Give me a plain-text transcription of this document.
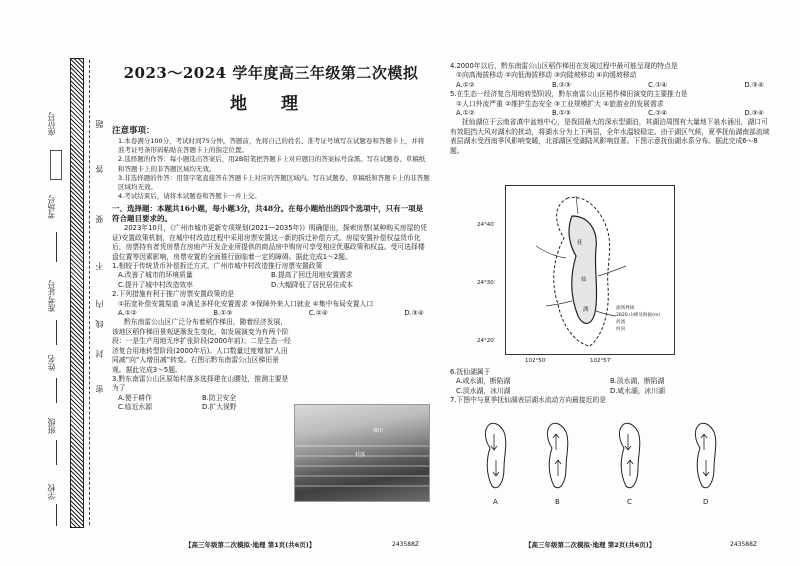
题
答
要
不
内
线
封
密
座位号
考场号
准考证号
姓名
班级
学校
2023～2024 学年度高三年级第二次模拟
地 理
注意事项：
1.本卷满分100分，考试时间75分钟。答题前，先将自己的姓名、准考证号填写在试题卷和答题卡上，并将准考证号条形码粘贴在答题卡上的指定位置。
2.选择题的作答：每小题选出答案后，用2B铅笔把答题卡上对应题目的答案标号涂黑。写在试题卷、草稿纸和答题卡上的非答题区域均无效。
3.非选择题的作答：用签字笔直接答在答题卡上对应的答题区域内。写在试题卷、草稿纸和答题卡上的非答题区域均无效。
4.考试结束后，请将本试题卷和答题卡一并上交。
一、选择题：本题共16小题，每小题3分，共48分。在每小题给出的四个选项中，只有一项是符合题目要求的。
2023年10月，《广州市城市更新专项规划(2021—2035年)》明确提出，探索房票(某种购买房屋的凭证)安置政策机制，在城中村改造过程中采用房票安置这一新的拆迁补偿方式。房屋安置补偿权益货币化后，房票持有者凭房票在房地产开发企业所提供的商品房中购房可享受相应优惠政策和权益。受可选择楼盘位置等因素影响，房票安置的全面推行面临着一定的障碍。据此完成1～2题。
1.相较于传统货币补偿拆迁方式，广州市城中村改造推行房票安置政策
A.改善了城市的环境质量	B.提高了回迁用地安置需求
C.提升了城中村改造效率	D.大幅降低了居民居住成本
2.下列措施有利于推广房票安置政策的是
①拓宽补偿安置渠道 ②满足多样化安置需求 ③保障外来人口就业 ④集中布局安置人口
A.①②	B.①③	C.②④	D.③④
黔东南雷公山区广泛分布着稻作梯田，随着经济发展，该地区稻作梯田景观逐渐发生变化，如发展演变为有两个阶段：一是生产用地无序扩张阶段(2000年前)；二是生态一经济复合用地转型阶段(2000年后)。人口数量过度增加“人田同减”向“人增田减”转变。右图示黔东南雷公山区梯田景观。据此完成3～5题。
3.黔东南雷公山区原始村落多选择建在山腰处，推测主要是为了
A.便于耕作	B.防卫安全
C.临近水源	D.扩大视野
梯田
村落
【高三年级第二次模拟·地理 第1页(共6页)】	243588Z
4.2000年以后，黔东南雷公山区稻作梯田在发展过程中最可能呈现的特点是
①向高海拔移动 ②向低海拔移动 ③向陡坡移动 ④向缓坡移动
A.①②	B.②③	C.①④	D.③④
5.在生态一经济复合用地转型阶段，黔东南雷公山区稻作梯田演变的主要推力是
①人口外流严重 ②维护生态安全 ③工业规模扩大 ④旅游业的发展需求
A.①②	B.①③	C.②④	D.③④
抚仙湖位于云南省滇中盆地中心，是我国最大的深水型湖泊，其湖泊周围有大量地下泉水涌出，湖口可有效阻挡大风对湖水的扰动，将湖水分为上下两层，全年水温较稳定。由于湖区气候，夏季抚仙湖南部流域表层湖水受西南季风影响变暖，北部湖区受湖陆风影响显著。下图示意抚仙湖水系分布。据此完成6～8题。
抚
仙
湖
24°40′
24°30′
24°20′
102°50′	102°57′
流域界线
2820 山峰及海拔(m)
河流
河向
6.抚仙湖属于
A.咸水湖，断陷湖	B.淡水湖，断陷湖
C.淡水湖，冰川湖	D.咸水湖，冰川湖
7.下图中与夏季抚仙湖表层湖水流动方向最接近的是
A	B	C	D
【高三年级第二次模拟·地理 第2页(共6页)】	243588Z
